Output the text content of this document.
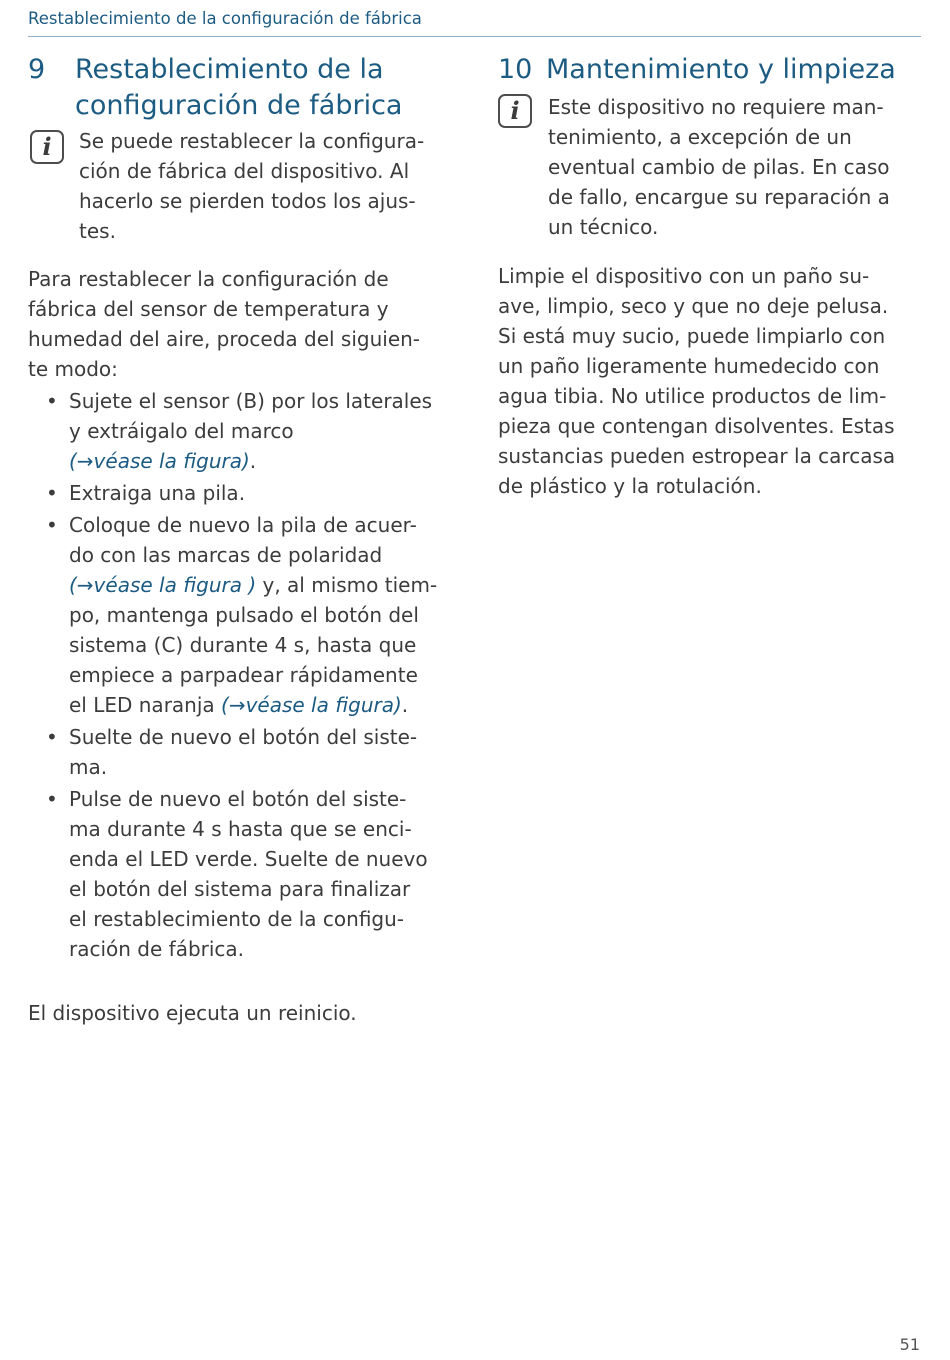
Restablecimiento de la configuración de fábrica
9	Restablecimiento de la configuración de fábrica
i	Se puede restablecer la configura-
ción de fábrica del dispositivo. Al
hacerlo se pierden todos los ajus-
tes.

Para restablecer la configuración de
fábrica del sensor de temperatura y
humedad del aire, proceda del siguien-
te modo:

• Sujete el sensor (B) por los laterales
y extráigalo del marco
(→véase la figura).
• Extraiga una pila.
• Coloque de nuevo la pila de acuer-
do con las marcas de polaridad
(→véase la figura ) y, al mismo tiem-
po, mantenga pulsado el botón del
sistema (C) durante 4 s, hasta que
empiece a parpadear rápidamente
el LED naranja (→véase la figura).
• Suelte de nuevo el botón del siste-
ma.
• Pulse de nuevo el botón del siste-
ma durante 4 s hasta que se enci-
enda el LED verde. Suelte de nuevo
el botón del sistema para finalizar
el restablecimiento de la configu-
ración de fábrica.

El dispositivo ejecuta un reinicio.

10 Mantenimiento y limpieza
i	Este dispositivo no requiere man-
tenimiento, a excepción de un
eventual cambio de pilas. En caso
de fallo, encargue su reparación a
un técnico.

Limpie el dispositivo con un paño su-
ave, limpio, seco y que no deje pelusa.
Si está muy sucio, puede limpiarlo con
un paño ligeramente humedecido con
agua tibia. No utilice productos de lim-
pieza que contengan disolventes. Estas
sustancias pueden estropear la carcasa
de plástico y la rotulación.

51
